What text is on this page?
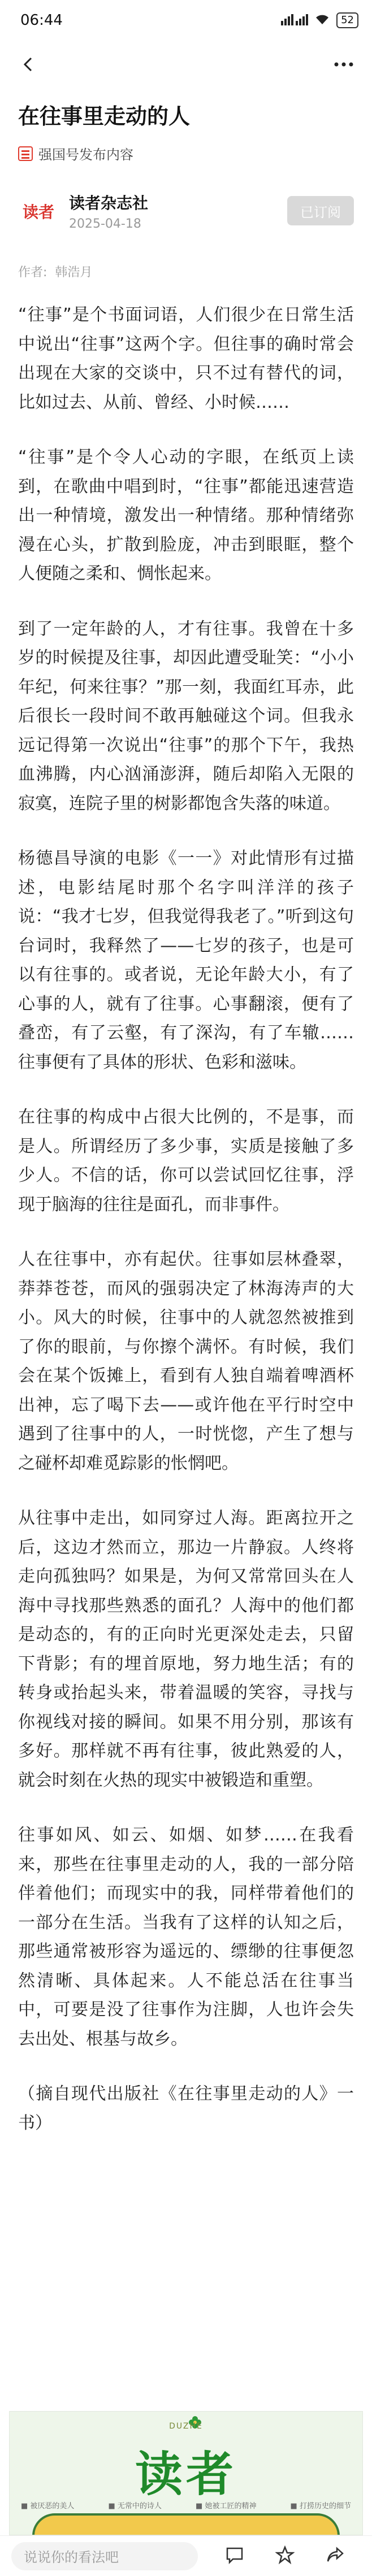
06:44	52
在往事里走动的人
强国号发布内容
读者 读者杂志社
2025-04-18
已订阅
作者: 韩浩月

“往事”是个书面词语，人们很少在日常生活中说出“往事”这两个字。但往事的确时常会出现在大家的交谈中，只不过有替代的词，比如过去、从前、曾经、小时候……

“往事”是个令人心动的字眼，在纸页上读到，在歌曲中唱到时，“往事”都能迅速营造出一种情境，激发出一种情绪。那种情绪弥漫在心头，扩散到脸庞，冲击到眼眶，整个人便随之柔和、惆怅起来。

到了一定年龄的人，才有往事。我曾在十多岁的时候提及往事，却因此遭受耻笑：“小小年纪，何来往事？”那一刻，我面红耳赤，此后很长一段时间不敢再触碰这个词。但我永远记得第一次说出“往事”的那个下午，我热血沸腾，内心汹涌澎湃，随后却陷入无限的寂寞，连院子里的树影都饱含失落的味道。

杨德昌导演的电影《一一》对此情形有过描述，电影结尾时那个名字叫洋洋的孩子说：“我才七岁，但我觉得我老了。”听到这句台词时，我释然了——七岁的孩子，也是可以有往事的。或者说，无论年龄大小，有了心事的人，就有了往事。心事翻滚，便有了叠峦，有了云壑，有了深沟，有了车辙……往事便有了具体的形状、色彩和滋味。

在往事的构成中占很大比例的，不是事，而是人。所谓经历了多少事，实质是接触了多少人。不信的话，你可以尝试回忆往事，浮现于脑海的往往是面孔，而非事件。

人在往事中，亦有起伏。往事如层林叠翠，莽莽苍苍，而风的强弱决定了林海涛声的大小。风大的时候，往事中的人就忽然被推到了你的眼前，与你擦个满怀。有时候，我们会在某个饭摊上，看到有人独自端着啤酒杯出神，忘了喝下去——或许他在平行时空中遇到了往事中的人，一时恍惚，产生了想与之碰杯却难觅踪影的怅惘吧。

从往事中走出，如同穿过人海。距离拉开之后，这边才然而立，那边一片静寂。人终将走向孤独吗？如果是，为何又常常回头在人海中寻找那些熟悉的面孔？人海中的他们都是动态的，有的正向时光更深处走去，只留下背影；有的埋首原地，努力地生活；有的转身或抬起头来，带着温暖的笑容，寻找与你视线对接的瞬间。如果不用分别，那该有多好。那样就不再有往事，彼此熟爱的人，就会时刻在火热的现实中被锻造和重塑。

往事如风、如云、如烟、如梦……在我看来，那些在往事里走动的人，我的一部分陪伴着他们；而现实中的我，同样带着他们的一部分在生活。当我有了这样的认知之后，那些通常被形容为遥远的、缥缈的往事便忽然清晰、具体起来。人不能总活在往事当中，可要是没了往事作为注脚，人也许会失去出处、根基与故乡。

（摘自现代出版社《在往事里走动的人》一书）

DUZHE
读者
■ 被厌恶的美人	■ 无常中的诗人	■ 她被工匠的精神	■ 打捞历史的细节
说说你的看法吧
